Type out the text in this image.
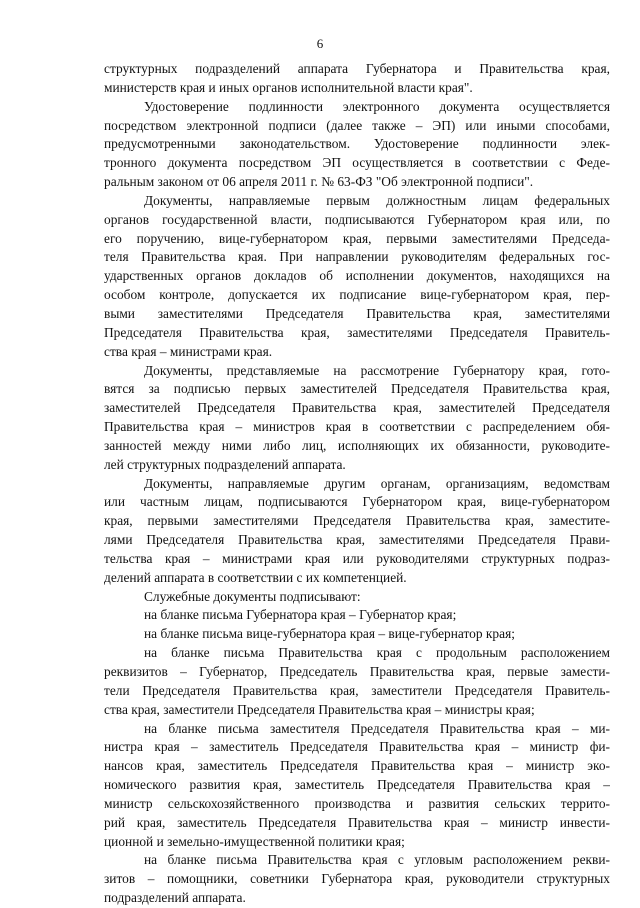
6
структурных подразделений аппарата Губернатора и Правительства края,
министерств края и иных органов исполнительной власти края".
Удостоверение подлинности электронного документа осуществляется
посредством электронной подписи (далее также – ЭП) или иными способами,
предусмотренными законодательством. Удостоверение подлинности элек-
тронного документа посредством ЭП осуществляется в соответствии с Феде-
ральным законом от 06 апреля 2011 г. № 63-ФЗ "Об электронной подписи".
Документы, направляемые первым должностным лицам федеральных
органов государственной власти, подписываются Губернатором края или, по
его поручению, вице-губернатором края, первыми заместителями Председа-
теля Правительства края. При направлении руководителям федеральных гос-
ударственных органов докладов об исполнении документов, находящихся на
особом контроле, допускается их подписание вице-губернатором края, пер-
выми заместителями Председателя Правительства края, заместителями
Председателя Правительства края, заместителями Председателя Правитель-
ства края – министрами края.
Документы, представляемые на рассмотрение Губернатору края, гото-
вятся за подписью первых заместителей Председателя Правительства края,
заместителей Председателя Правительства края, заместителей Председателя
Правительства края – министров края в соответствии с распределением обя-
занностей между ними либо лиц, исполняющих их обязанности, руководите-
лей структурных подразделений аппарата.
Документы, направляемые другим органам, организациям, ведомствам
или частным лицам, подписываются Губернатором края, вице-губернатором
края, первыми заместителями Председателя Правительства края, заместите-
лями Председателя Правительства края, заместителями Председателя Прави-
тельства края – министрами края или руководителями структурных подраз-
делений аппарата в соответствии с их компетенцией.
Служебные документы подписывают:
на бланке письма Губернатора края – Губернатор края;
на бланке письма вице-губернатора края – вице-губернатор края;
на бланке письма Правительства края с продольным расположением
реквизитов – Губернатор, Председатель Правительства края, первые замести-
тели Председателя Правительства края, заместители Председателя Правитель-
ства края, заместители Председателя Правительства края – министры края;
на бланке письма заместителя Председателя Правительства края – ми-
нистра края – заместитель Председателя Правительства края – министр фи-
нансов края, заместитель Председателя Правительства края – министр эко-
номического развития края, заместитель Председателя Правительства края –
министр сельскохозяйственного производства и развития сельских террито-
рий края, заместитель Председателя Правительства края – министр инвести-
ционной и земельно-имущественной политики края;
на бланке письма Правительства края с угловым расположением рекви-
зитов – помощники, советники Губернатора края, руководители структурных
подразделений аппарата.
